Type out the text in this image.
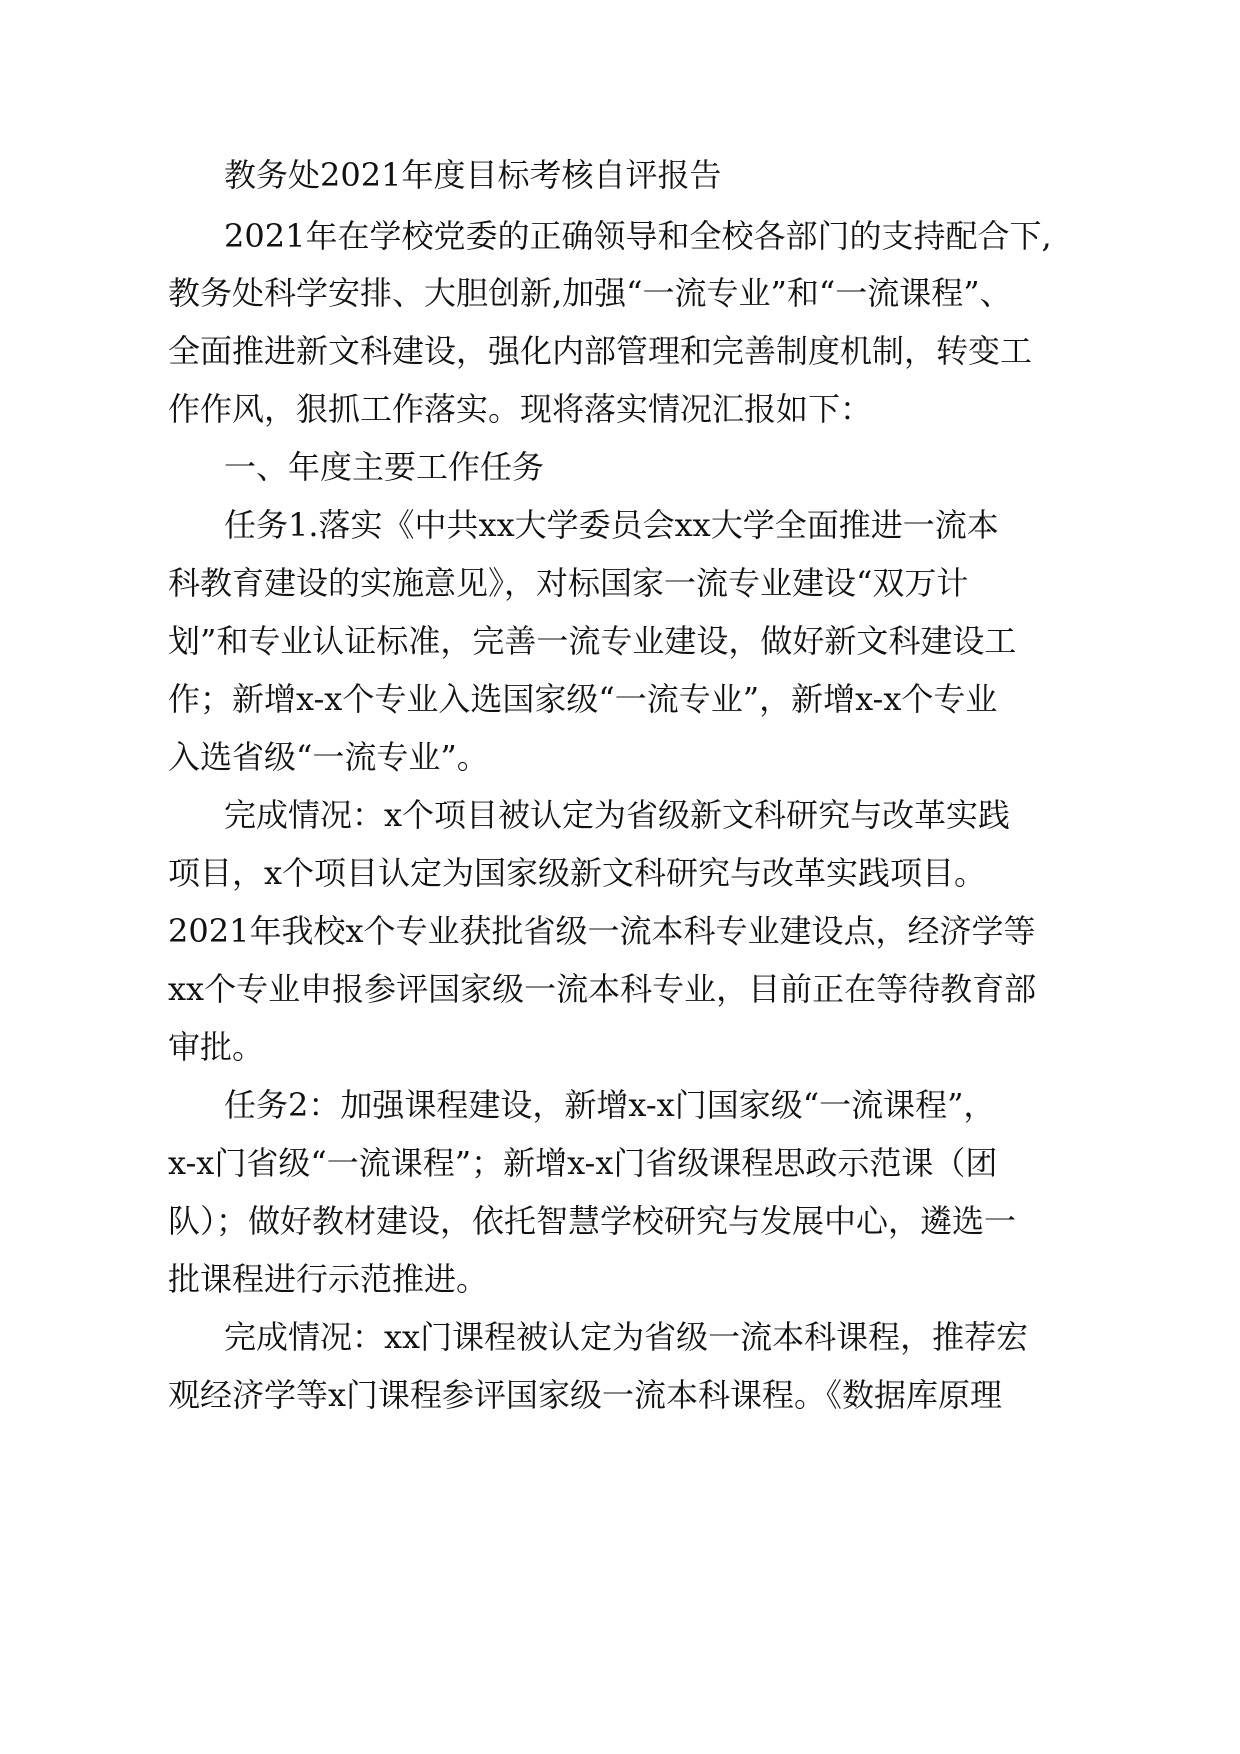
教务处2021年度目标考核自评报告
2021年在学校党委的正确领导和全校各部门的支持配合下,
教务处科学安排、大胆创新,加强“一流专业”和“一流课程”、
全面推进新文科建设，强化内部管理和完善制度机制，转变工
作作风，狠抓工作落实。现将落实情况汇报如下：
一、年度主要工作任务
任务1.落实《中共xx大学委员会xx大学全面推进一流本
科教育建设的实施意见》，对标国家一流专业建设“双万计
划”和专业认证标准，完善一流专业建设，做好新文科建设工
作；新增x-x个专业入选国家级“一流专业”，新增x-x个专业
入选省级“一流专业”。
完成情况：x个项目被认定为省级新文科研究与改革实践
项目，x个项目认定为国家级新文科研究与改革实践项目。
2021年我校x个专业获批省级一流本科专业建设点，经济学等
xx个专业申报参评国家级一流本科专业，目前正在等待教育部
审批。
任务2：加强课程建设，新增x-x门国家级“一流课程”，
x-x门省级“一流课程”；新增x-x门省级课程思政示范课（团
队）；做好教材建设，依托智慧学校研究与发展中心，遴选一
批课程进行示范推进。
完成情况：xx门课程被认定为省级一流本科课程，推荐宏
观经济学等x门课程参评国家级一流本科课程。《数据库原理
